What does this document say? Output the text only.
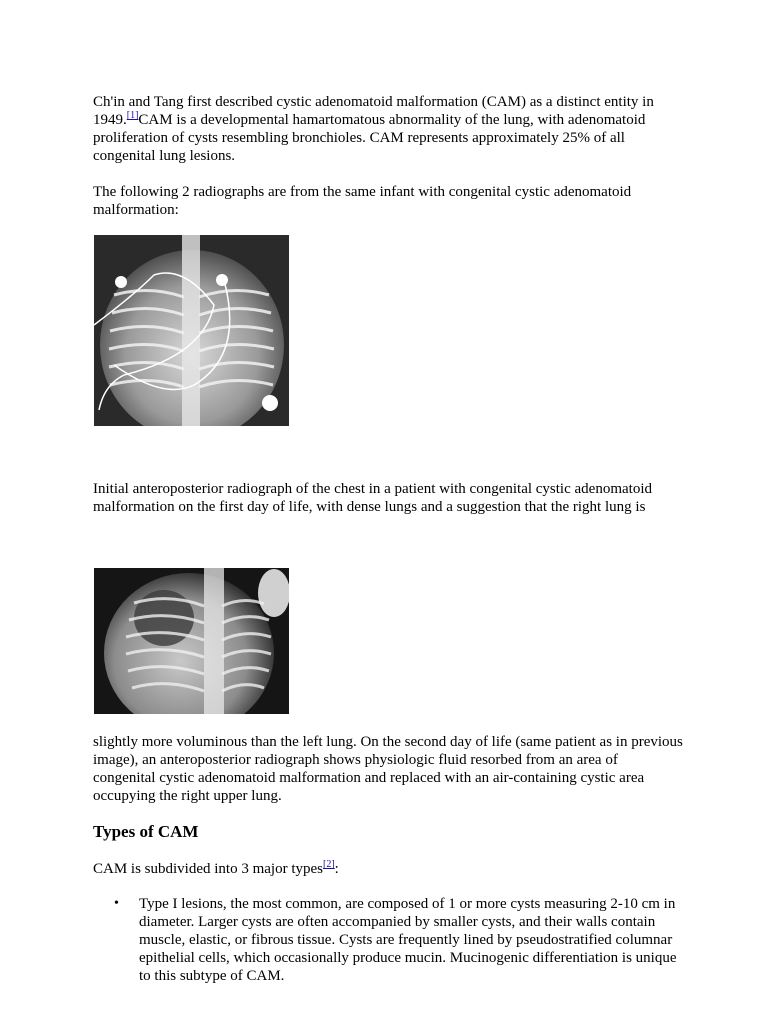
Ch'in and Tang first described cystic adenomatoid malformation (CAM) as a distinct entity in 1949.[1]CAM is a developmental hamartomatous abnormality of the lung, with adenomatoid proliferation of cysts resembling bronchioles. CAM represents approximately 25% of all congenital lung lesions.

The following 2 radiographs are from the same infant with congenital cystic adenomatoid malformation:

Initial anteroposterior radiograph of the chest in a patient with congenital cystic adenomatoid malformation on the first day of life, with dense lungs and a suggestion that the right lung is

slightly more voluminous than the left lung. On the second day of life (same patient as in previous image), an anteroposterior radiograph shows physiologic fluid resorbed from an area of congenital cystic adenomatoid malformation and replaced with an air-containing cystic area occupying the right upper lung.

Types of CAM

CAM is subdivided into 3 major types[2]:

• Type I lesions, the most common, are composed of 1 or more cysts measuring 2-10 cm in diameter. Larger cysts are often accompanied by smaller cysts, and their walls contain muscle, elastic, or fibrous tissue. Cysts are frequently lined by pseudostratified columnar epithelial cells, which occasionally produce mucin. Mucinogenic differentiation is unique to this subtype of CAM.
